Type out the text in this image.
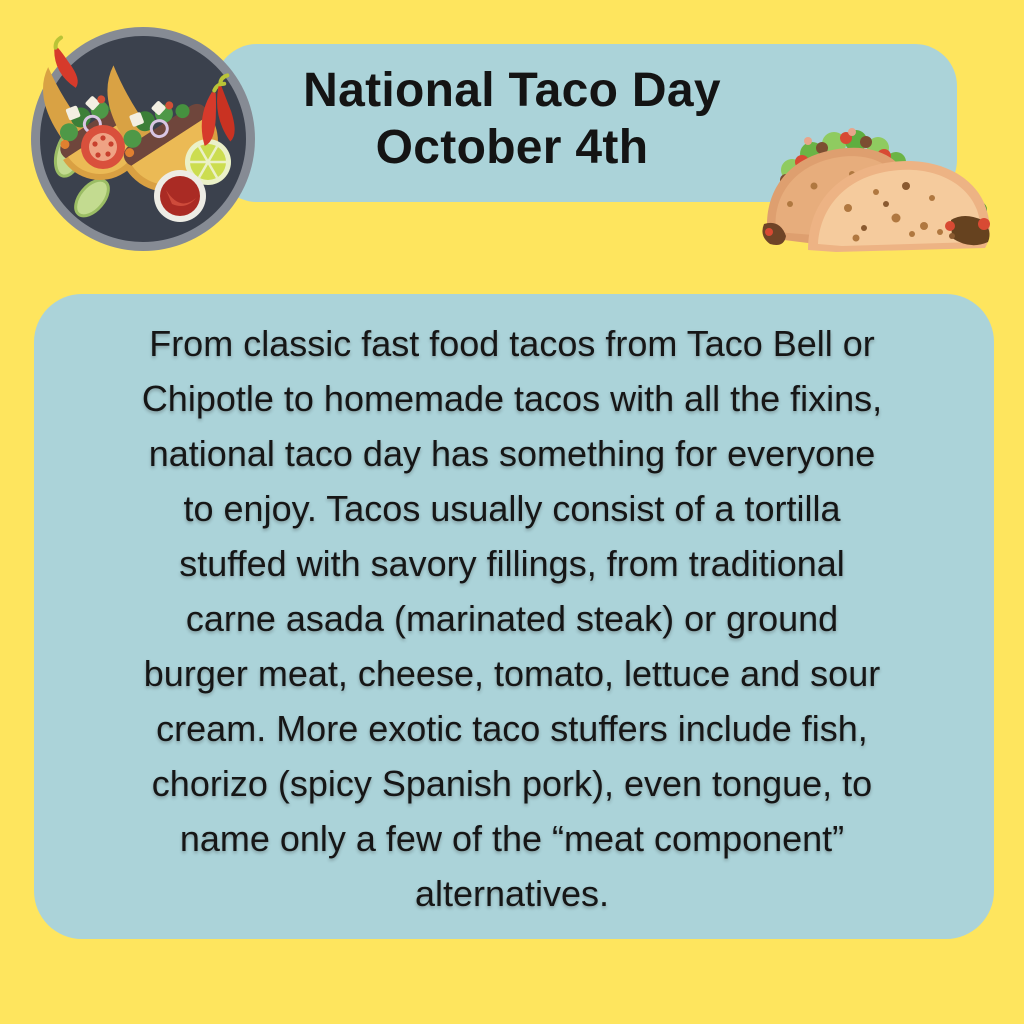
National Taco Day
October 4th
From classic fast food tacos from Taco Bell or
Chipotle to homemade tacos with all the fixins,
national taco day has something for everyone
to enjoy. Tacos usually consist of a tortilla
stuffed with savory fillings, from traditional
carne asada (marinated steak) or ground
burger meat, cheese, tomato, lettuce and sour
cream. More exotic taco stuffers include fish,
chorizo (spicy Spanish pork), even tongue, to
name only a few of the “meat component”
alternatives.
